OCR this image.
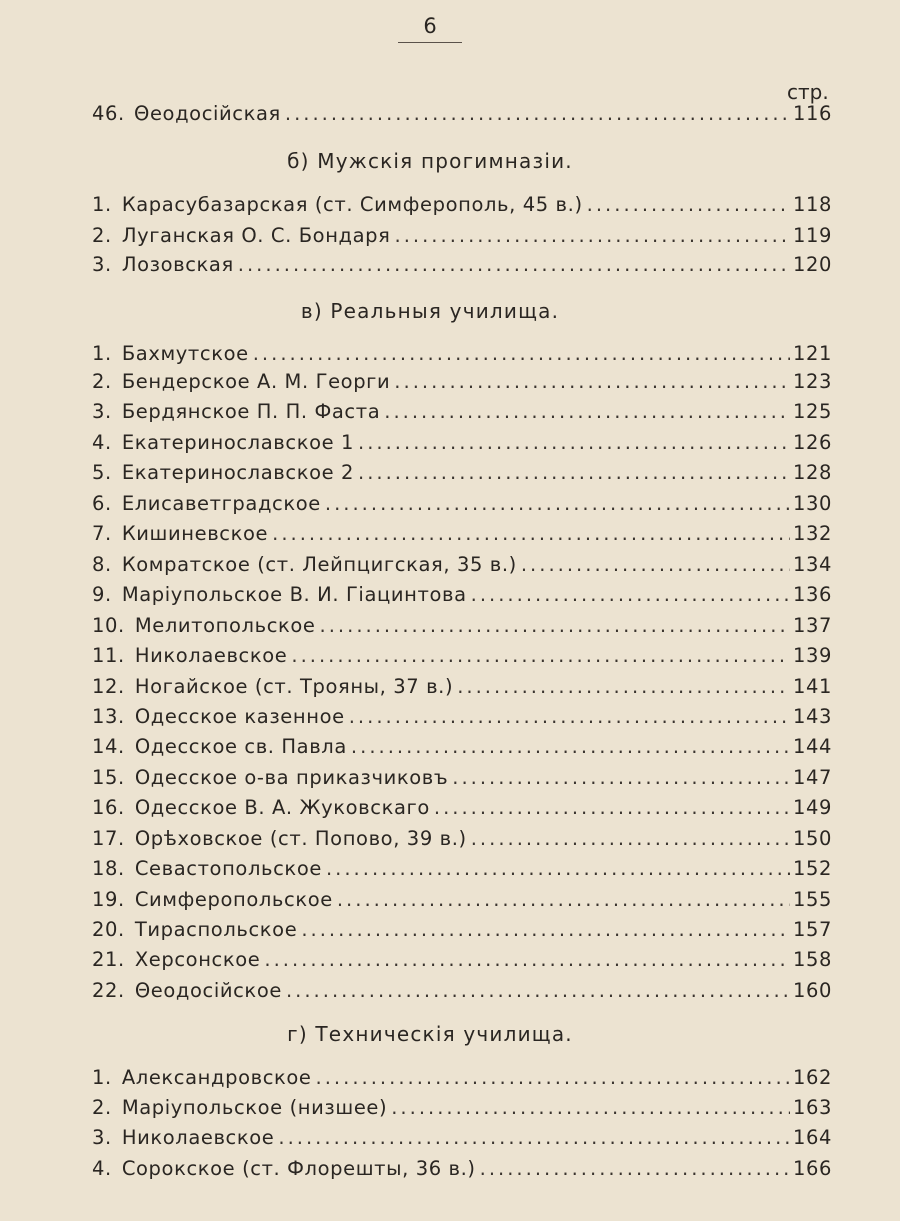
6
стр.
46. Θеодосійская .....	116
б) Мужскія прогимназіи.
1. Карасубазарская (ст. Симферополь, 45 в.) .....	118
2. Луганская О. С. Бондаря .....	119
3. Лозовская .....	120
в) Реальныя училища.
1. Бахмутское .....	121
2. Бендерское А. М. Георги .....	123
3. Бердянское П. П. Фаста .....	125
4. Екатеринославское 1 .....	126
5. Екатеринославское 2 .....	128
6. Елисаветградское .....	130
7. Кишиневское .....	132
8. Комратское (ст. Лейпцигская, 35 в.) .....	134
9. Маріупольское В. И. Гіацинтова .....	136
10. Мелитопольское .....	137
11. Николаевское .....	139
12. Ногайское (ст. Трояны, 37 в.) .....	141
13. Одесское казенное .....	143
14. Одесское св. Павла .....	144
15. Одесское о-ва приказчиковъ .....	147
16. Одесское В. А. Жуковскаго .....	149
17. Орѣховское (ст. Попово, 39 в.) .....	150
18. Севастопольское .....	152
19. Симферопольское .....	155
20. Тираспольское .....	157
21. Херсонское .....	158
22. Θеодосійское .....	160
г) Техническія училища.
1. Александровское .....	162
2. Маріупольское (низшее) .....	163
3. Николаевское .....	164
4. Сорокское (ст. Флорешты, 36 в.) .....	166
